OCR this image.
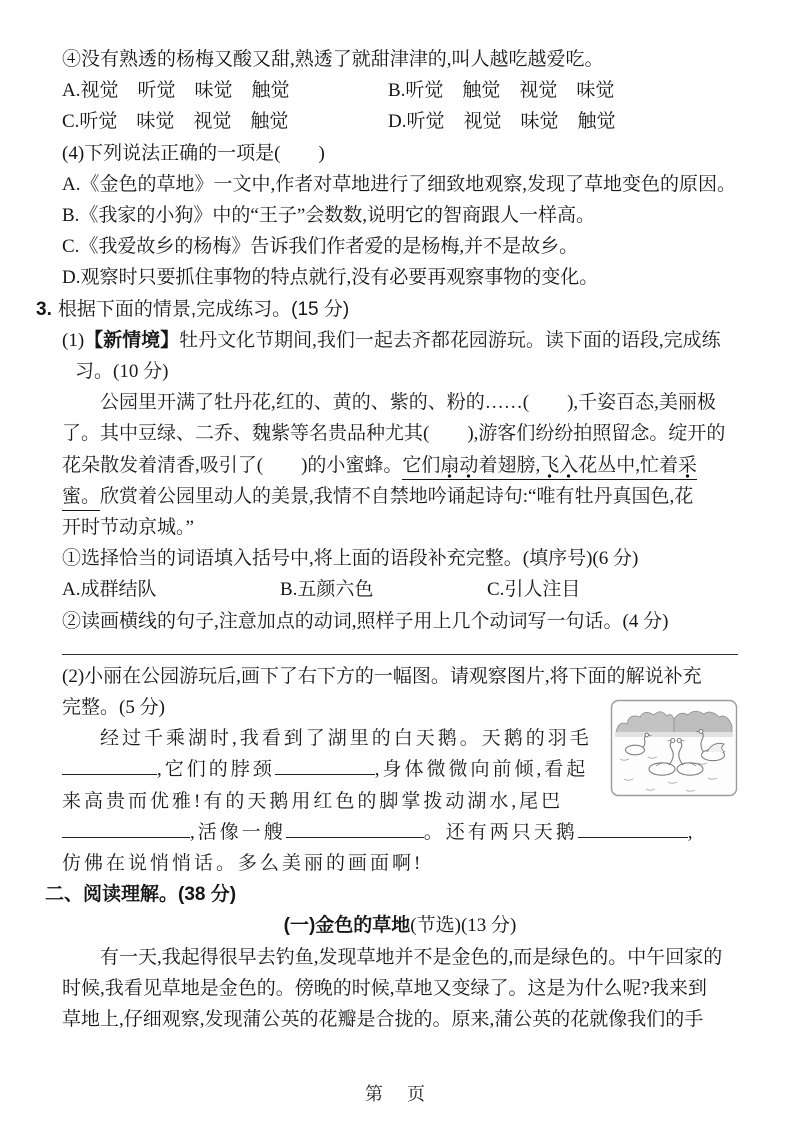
④没有熟透的杨梅又酸又甜,熟透了就甜津津的,叫人越吃越爱吃。
A.视觉　听觉　味觉　触觉	B.听觉　触觉　视觉　味觉
C.听觉　味觉　视觉　触觉	D.听觉　视觉　味觉　触觉
(4)下列说法正确的一项是(　　)
A.《金色的草地》一文中,作者对草地进行了细致地观察,发现了草地变色的原因。
B.《我家的小狗》中的“王子”会数数,说明它的智商跟人一样高。
C.《我爱故乡的杨梅》告诉我们作者爱的是杨梅,并不是故乡。
D.观察时只要抓住事物的特点就行,没有必要再观察事物的变化。
3. 根据下面的情景,完成练习。(15 分)
(1)【新情境】牡丹文化节期间,我们一起去齐都花园游玩。读下面的语段,完成练
习。(10 分)
公园里开满了牡丹花,红的、黄的、紫的、粉的……(　　),千姿百态,美丽极
了。其中豆绿、二乔、魏紫等名贵品种尤其(　　),游客们纷纷拍照留念。绽开的
花朵散发着清香,吸引了(　　)的小蜜蜂。它们扇动着翅膀,飞入花丛中,忙着采
蜜。欣赏着公园里动人的美景,我情不自禁地吟诵起诗句:“唯有牡丹真国色,花
开时节动京城。”
①选择恰当的词语填入括号中,将上面的语段补充完整。(填序号)(6 分)
A.成群结队	B.五颜六色	C.引人注目
②读画横线的句子,注意加点的动词,照样子用上几个动词写一句话。(4 分)
(2)小丽在公园游玩后,画下了右下方的一幅图。请观察图片,将下面的解说补充
完整。(5 分)
经过千乘湖时,我看到了湖里的白天鹅。天鹅的羽毛
,它们的脖颈	,身体微微向前倾,看起
来高贵而优雅!有的天鹅用红色的脚掌拨动湖水,尾巴
,活像一艘	。还有两只天鹅	,
仿佛在说悄悄话。多么美丽的画面啊!
二、阅读理解。(38 分)
(一)金色的草地(节选)(13 分)
有一天,我起得很早去钓鱼,发现草地并不是金色的,而是绿色的。中午回家的
时候,我看见草地是金色的。傍晚的时候,草地又变绿了。这是为什么呢?我来到
草地上,仔细观察,发现蒲公英的花瓣是合拢的。原来,蒲公英的花就像我们的手
第　页
